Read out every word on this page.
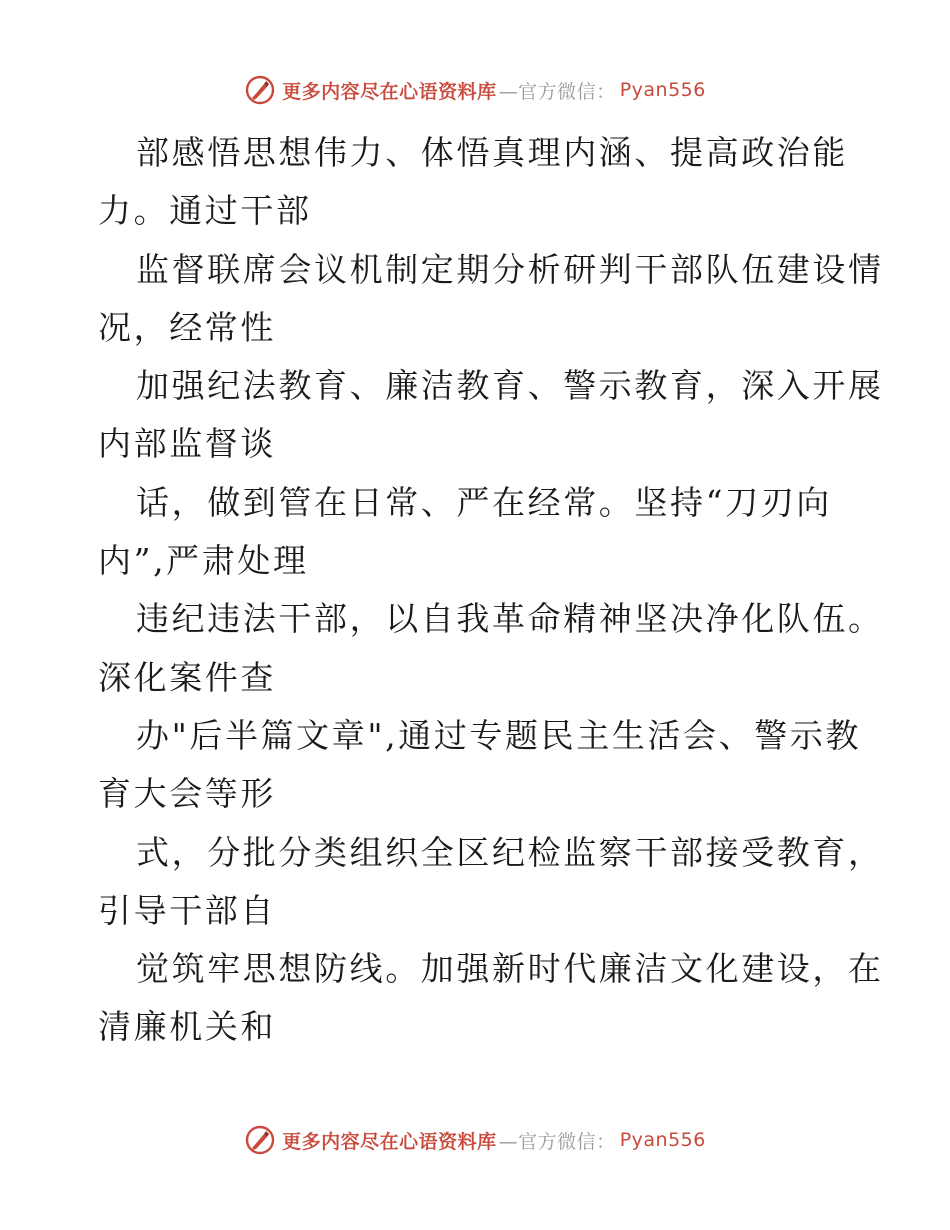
更多内容尽在心语资料库 —官方微信： Pyan556
部感悟思想伟力、体悟真理内涵、提高政治能
力。通过干部
监督联席会议机制定期分析研判干部队伍建设情
况，经常性
加强纪法教育、廉洁教育、警示教育，深入开展
内部监督谈
话，做到管在日常、严在经常。坚持“刀刃向
内”,严肃处理
违纪违法干部，以自我革命精神坚决净化队伍。
深化案件查
办"后半篇文章",通过专题民主生活会、警示教
育大会等形
式，分批分类组织全区纪检监察干部接受教育，
引导干部自
觉筑牢思想防线。加强新时代廉洁文化建设，在
清廉机关和
更多内容尽在心语资料库 —官方微信： Pyan556
